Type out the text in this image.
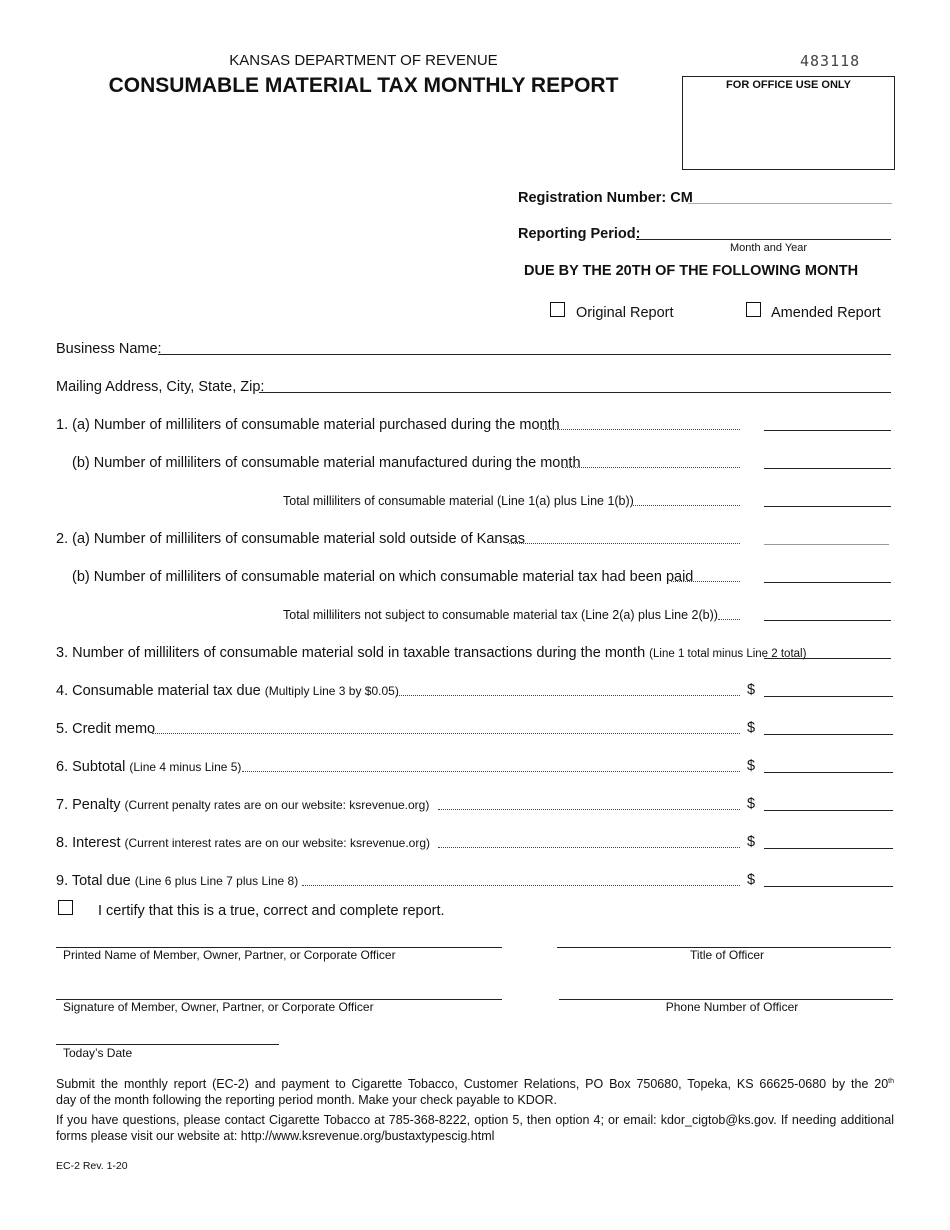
KANSAS DEPARTMENT OF REVENUE
CONSUMABLE MATERIAL TAX MONTHLY REPORT
483118
FOR OFFICE USE ONLY
Registration Number: CM
Reporting Period:
Month and Year
DUE BY THE 20TH OF THE FOLLOWING MONTH
Original Report	Amended Report
Business Name:
Mailing Address, City, State, Zip:
1. (a) Number of milliliters of consumable material purchased during the month
(b) Number of milliliters of consumable material manufactured during the month
Total milliliters of consumable material (Line 1(a) plus Line 1(b))
2. (a) Number of milliliters of consumable material sold outside of Kansas
(b) Number of milliliters of consumable material on which consumable material tax had been paid
Total milliliters not subject to consumable material tax (Line 2(a) plus Line 2(b))
3. Number of milliliters of consumable material sold in taxable transactions during the month (Line 1 total minus Line 2 total)
4. Consumable material tax due (Multiply Line 3 by $0.05)	$
5. Credit memo	$
6. Subtotal (Line 4 minus Line 5)	$
7. Penalty (Current penalty rates are on our website: ksrevenue.org)	$
8. Interest (Current interest rates are on our website: ksrevenue.org)	$
9. Total due (Line 6 plus Line 7 plus Line 8)	$
I certify that this is a true, correct and complete report.
Printed Name of Member, Owner, Partner, or Corporate Officer	Title of Officer
Signature of Member, Owner, Partner, or Corporate Officer	Phone Number of Officer
Today’s Date
Submit the monthly report (EC-2) and payment to Cigarette Tobacco, Customer Relations, PO Box 750680, Topeka, KS 66625-0680 by the 20th
day of the month following the reporting period month. Make your check payable to KDOR.
If you have questions, please contact Cigarette Tobacco at 785-368-8222, option 5, then option 4; or email: kdor_cigtob@ks.gov. If needing additional forms please visit our website at: http://www.ksrevenue.org/bustaxtypescig.html
EC-2 Rev. 1-20
